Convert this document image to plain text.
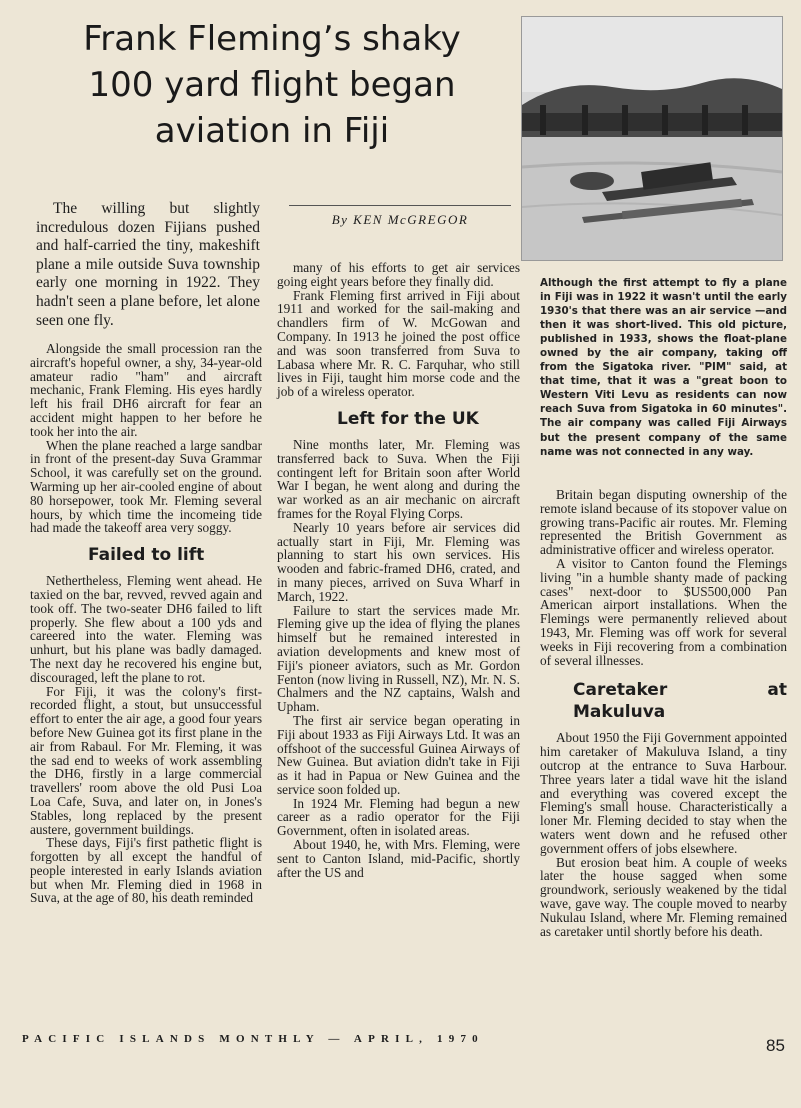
Frank Fleming’s shaky
100 yard flight began
aviation in Fiji
Although the first attempt to fly a plane in Fiji was in 1922 it wasn't until the early 1930's that there was an air service —and then it was short-lived. This old picture, published in 1933, shows the float-plane owned by the air company, taking off from the Sigatoka river. "PIM" said, at that time, that it was a "great boon to Western Viti Levu as residents can now reach Suva from Sigatoka in 60 minutes". The air company was called Fiji Airways but the present company of the same name was not connected in any way.

The willing but slightly incredulous dozen Fijians pushed and half-carried the tiny, makeshift plane a mile outside Suva township early one morning in 1922. They hadn't seen a plane before, let alone seen one fly.

By KEN McGREGOR

Alongside the small procession ran the aircraft's hopeful owner, a shy, 34-year-old amateur radio "ham" and aircraft mechanic, Frank Fleming. His eyes hardly left his frail DH6 aircraft for fear an accident might happen to her before he took her into the air.

When the plane reached a large sandbar in front of the present-day Suva Grammar School, it was carefully set on the ground. Warming up her air-cooled engine of about 80 horsepower, took Mr. Fleming several hours, by which time the incomeing tide had made the takeoff area very soggy.

Failed to lift

Nethertheless, Fleming went ahead. He taxied on the bar, revved, revved again and took off. The two-seater DH6 failed to lift properly. She flew about a 100 yds and careered into the water. Fleming was unhurt, but his plane was badly damaged. The next day he recovered his engine but, discouraged, left the plane to rot.

For Fiji, it was the colony's first-recorded flight, a stout, but unsuccessful effort to enter the air age, a good four years before New Guinea got its first plane in the air from Rabaul. For Mr. Fleming, it was the sad end to weeks of work assembling the DH6, firstly in a large commercial travellers' room above the old Pusi Loa Loa Cafe, Suva, and later on, in Jones's Stables, long replaced by the present austere, government buildings.

These days, Fiji's first pathetic flight is forgotten by all except the handful of people interested in early Islands aviation but when Mr. Fleming died in 1968 in Suva, at the age of 80, his death reminded

many of his efforts to get air services going eight years before they finally did.

Frank Fleming first arrived in Fiji about 1911 and worked for the sail-making and chandlers firm of W. McGowan and Company. In 1913 he joined the post office and was soon transferred from Suva to Labasa where Mr. R. C. Farquhar, who still lives in Fiji, taught him morse code and the job of a wireless operator.

Left for the UK

Nine months later, Mr. Fleming was transferred back to Suva. When the Fiji contingent left for Britain soon after World War I began, he went along and during the war worked as an air mechanic on aircraft frames for the Royal Flying Corps.

Nearly 10 years before air services did actually start in Fiji, Mr. Fleming was planning to start his own services. His wooden and fabric-framed DH6, crated, and in many pieces, arrived on Suva Wharf in March, 1922.

Failure to start the services made Mr. Fleming give up the idea of flying the planes himself but he remained interested in aviation developments and knew most of Fiji's pioneer aviators, such as Mr. Gordon Fenton (now living in Russell, NZ), Mr. N. S. Chalmers and the NZ captains, Walsh and Upham.

The first air service began operating in Fiji about 1933 as Fiji Airways Ltd. It was an offshoot of the successful Guinea Airways of New Guinea. But aviation didn't take in Fiji as it had in Papua or New Guinea and the service soon folded up.

In 1924 Mr. Fleming had begun a new career as a radio operator for the Fiji Government, often in isolated areas.

About 1940, he, with Mrs. Fleming, were sent to Canton Island, mid-Pacific, shortly after the US and

Britain began disputing ownership of the remote island because of its stopover value on growing trans-Pacific air routes. Mr. Fleming represented the British Government as administrative officer and wireless operator.

A visitor to Canton found the Flemings living "in a humble shanty made of packing cases" next-door to $US500,000 Pan American airport installations. When the Flemings were permanently relieved about 1943, Mr. Fleming was off work for several weeks in Fiji recovering from a combination of several illnesses.

Caretaker at Makuluva

About 1950 the Fiji Government appointed him caretaker of Makuluva Island, a tiny outcrop at the entrance to Suva Harbour. Three years later a tidal wave hit the island and everything was covered except the Fleming's small house. Characteristically a loner Mr. Fleming decided to stay when the waters went down and he refused other government offers of jobs elsewhere.

But erosion beat him. A couple of weeks later the house sagged when some groundwork, seriously weakened by the tidal wave, gave way. The couple moved to nearby Nukulau Island, where Mr. Fleming remained as caretaker until shortly before his death.

PACIFIC ISLANDS MONTHLY — APRIL, 1970	85
